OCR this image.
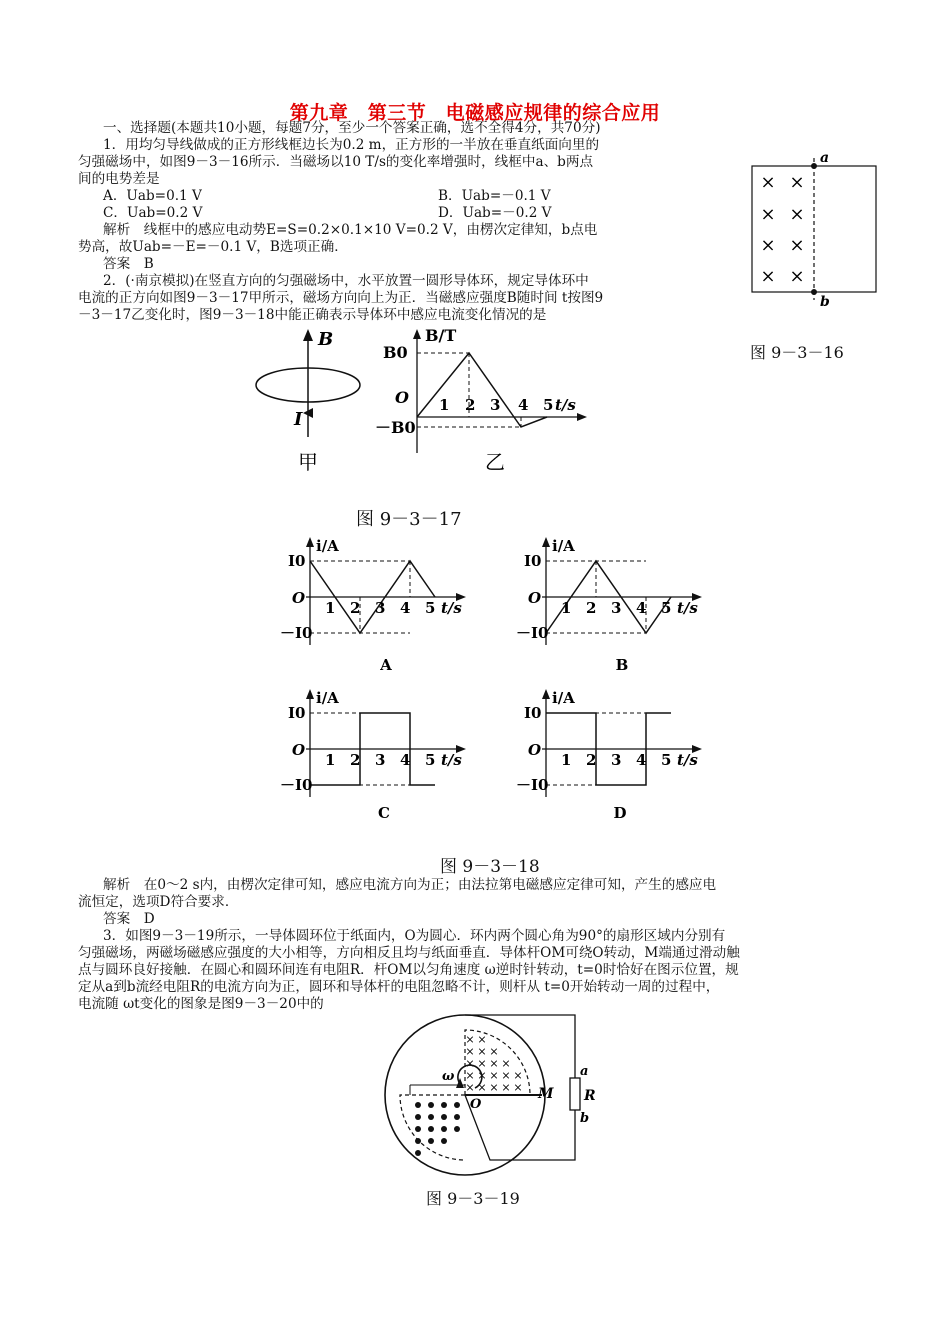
第九章　第三节　电磁感应规律的综合应用
一、选择题(本题共10小题，每题7分，至少一个答案正确，选不全得4分，共70分)
1．用均匀导线做成的正方形线框边长为0.2 m，正方形的一半放在垂直纸面向里的
匀强磁场中，如图9－3－16所示．当磁场以10 T/s的变化率增强时，线框中a、b两点
间的电势差是
A．Uab=0.1 V	B．Uab=－0.1 V
C．Uab=0.2 V	D．Uab=－0.2 V
解析　线框中的感应电动势E=S=0.2×0.1×10 V=0.2 V，由楞次定律知，b点电
势高，故Uab=－E=－0.1 V，B选项正确．
答案　B
2．(·南京模拟)在竖直方向的匀强磁场中，水平放置一圆形导体环，规定导体环中
电流的正方向如图9－3－17甲所示，磁场方向向上为正．当磁感应强度B随时间 t按图9
－3－17乙变化时，图9－3－18中能正确表示导体环中感应电流变化情况的是
解析　在0～2 s内，由楞次定律可知，感应电流方向为正；由法拉第电磁感应定律可知，产生的感应电
流恒定，选项D符合要求．
答案　D
3．如图9－3－19所示，一导体圆环位于纸面内，O为圆心．环内两个圆心角为90°的扇形区域内分别有
匀强磁场，两磁场磁感应强度的大小相等，方向相反且均与纸面垂直．导体杆OM可绕O转动，M端通过滑动触
点与圆环良好接触．在圆心和圆环间连有电阻R．杆OM以匀角速度 ω逆时针转动，t=0时恰好在图示位置，规
定从a到b流经电阻R的电流方向为正，圆环和导体杆的电阻忽略不计，则杆从 t=0开始转动一周的过程中，
电流随 ωt变化的图象是图9－3－20中的
a
b
× ×
× ×
× ×
× ×
图 9－3－16
B
I
甲
B/T
B0
O
－B0
1 2 3 4 5 t/s
乙
图 9－3－17
i/A
I0
－I0
O
1 2 3 4 5 t/s
i/A
I0
－I0
O
1 2 3 4 5 t/s
i/A
I0
－I0
O
1 2 3 4 5 t/s
i/A
I0
－I0
O
1 2 3 4 5 t/s
A	B
C	D
图 9－3－18
× ×
× × ×
× × × ×
× × × × ×
× × × × ×
ω
O
M
a
R
b
图 9－3－19
